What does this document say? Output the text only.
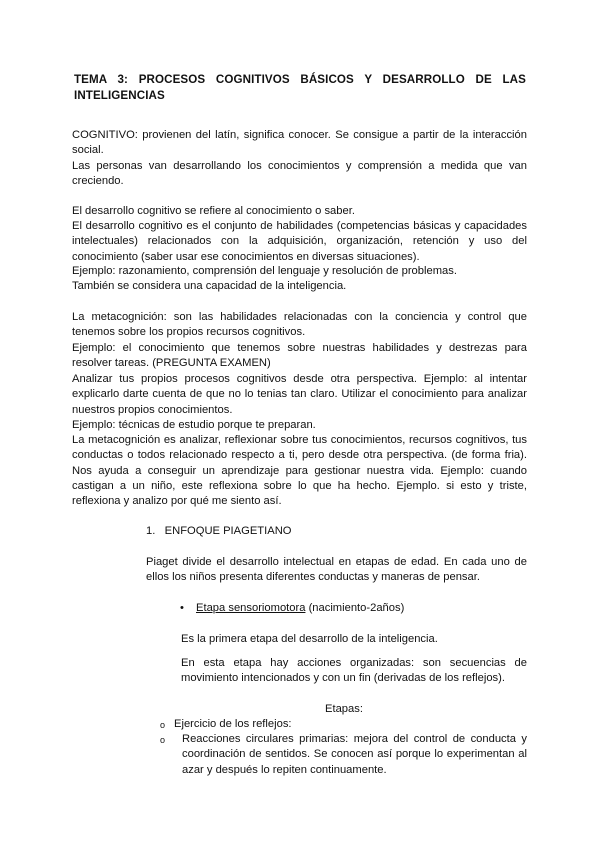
TEMA 3: PROCESOS COGNITIVOS BÁSICOS Y DESARROLLO DE LAS INTELIGENCIAS
COGNITIVO: provienen del latín, significa conocer. Se consigue a partir de la interacción social.
Las personas van desarrollando los conocimientos y comprensión a medida que van creciendo.
El desarrollo cognitivo se refiere al conocimiento o saber.
El desarrollo cognitivo es el conjunto de habilidades (competencias básicas y capacidades intelectuales) relacionados con la adquisición, organización, retención y uso del conocimiento (saber usar ese conocimientos en diversas situaciones).
Ejemplo: razonamiento, comprensión del lenguaje y resolución de problemas.
También se considera una capacidad de la inteligencia.
La metacognición: son las habilidades relacionadas con la conciencia y control que tenemos sobre los propios recursos cognitivos.
Ejemplo: el conocimiento que tenemos sobre nuestras habilidades y destrezas para resolver tareas. (PREGUNTA EXAMEN)
Analizar tus propios procesos cognitivos desde otra perspectiva. Ejemplo: al intentar explicarlo darte cuenta de que no lo tenias tan claro. Utilizar el conocimiento para analizar nuestros propios conocimientos.
Ejemplo: técnicas de estudio porque te preparan.
La metacognición es analizar, reflexionar sobre tus conocimientos, recursos cognitivos, tus conductas o todos relacionado respecto a ti, pero desde otra perspectiva. (de forma fria). Nos ayuda a conseguir un aprendizaje para gestionar nuestra vida. Ejemplo: cuando castigan a un niño, este reflexiona sobre lo que ha hecho. Ejemplo. si esto y triste, reflexiona y analizo por qué me siento así.
1. ENFOQUE PIAGETIANO
Piaget divide el desarrollo intelectual en etapas de edad. En cada uno de ellos los niños presenta diferentes conductas y maneras de pensar.
• Etapa sensoriomotora (nacimiento-2años)
Es la primera etapa del desarrollo de la inteligencia.
En esta etapa hay acciones organizadas: son secuencias de movimiento intencionados y con un fin (derivadas de los reflejos).
Etapas:
o Ejercicio de los reflejos:
o Reacciones circulares primarias: mejora del control de conducta y coordinación de sentidos. Se conocen así porque lo experimentan al azar y después lo repiten continuamente.
